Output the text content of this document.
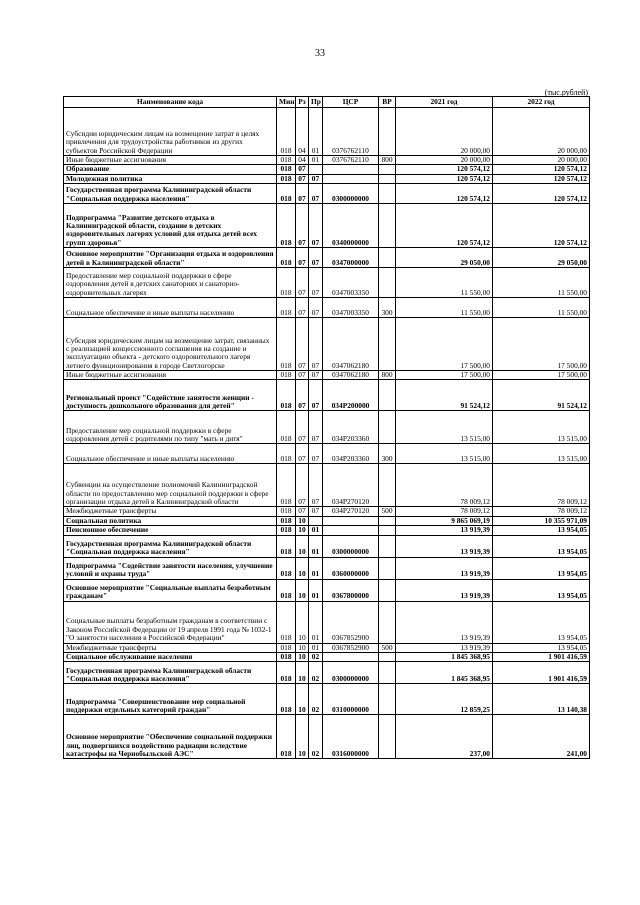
33
(тыс.рублей)
Наименование кода	Мин	Рз	Пр	ЦСР	ВР	2021 год	2022 год
Субсидии юридическим лицам на возмещение затрат в целях привлечения для трудоустройства работников из других субъектов Российской Федерации	018	04	01	0376762110		20 000,00	20 000,00
Иные бюджетные ассигнования	018	04	01	0376762110	800	20 000,00	20 000,00
Образование	018	07				120 574,12	120 574,12
Молодежная политика	018	07	07			120 574,12	120 574,12
Государственная программа Калининградской области "Социальная поддержка населения"	018	07	07	0300000000		120 574,12	120 574,12
Подпрограмма "Развитие детского отдыха в Калининградской области, создание в детских оздоровительных лагерях условий для отдыха детей всех групп здоровья"	018	07	07	0340000000		120 574,12	120 574,12
Основное мероприятие "Организация отдыха и оздоровления детей в Калининградской области"	018	07	07	0347000000		29 050,00	29 050,00
Предоставление мер социальной поддержки в сфере оздоровления детей в детских санаториях и санаторно-оздоровительных лагерях	018	07	07	0347003350		11 550,00	11 550,00
Социальное обеспечение и иные выплаты населению	018	07	07	0347003350	300	11 550,00	11 550,00
Субсидия юридическим лицам на возмещение затрат, связанных с реализацией концессионного соглашения на создание и эксплуатацию объекта - детского оздоровительного лагеря летнего функционирования в городе Светлогорске	018	07	07	0347062180		17 500,00	17 500,00
Иные бюджетные ассигнования	018	07	07	0347062180	800	17 500,00	17 500,00
Региональный проект "Содействие занятости женщин - доступность дошкольного образования для детей"	018	07	07	034P200000		91 524,12	91 524,12
Предоставление мер социальной поддержки в сфере оздоровления детей с родителями по типу "мать и дитя"	018	07	07	034P203360		13 515,00	13 515,00
Социальное обеспечение и иные выплаты населению	018	07	07	034P203360	300	13 515,00	13 515,00
Субвенции на осуществление полномочий Калининградской области по предоставлению мер социальной поддержки в сфере организации отдыха детей в Калининградской области	018	07	07	034P270120		78 009,12	78 009,12
Межбюджетные трансферты	018	07	07	034P270120	500	78 009,12	78 009,12
Социальная политика	018	10				9 865 069,19	10 355 971,09
Пенсионное обеспечение	018	10	01			13 919,39	13 954,05
Государственная программа Калининградской области "Социальная поддержка населения"	018	10	01	0300000000		13 919,39	13 954,05
Подпрограмма "Содействие занятости населения, улучшение условий и охраны труда"	018	10	01	0360000000		13 919,39	13 954,05
Основное мероприятие "Социальные выплаты безработным гражданам"	018	10	01	0367800000		13 919,39	13 954,05
Социальные выплаты безработным гражданам в соответствии с Законом Российской Федерации от 19 апреля 1991 года № 1032-1 "О занятости населения в Российской Федерации"	018	10	01	0367852900		13 919,39	13 954,05
Межбюджетные трансферты	018	10	01	0367852900	500	13 919,39	13 954,05
Социальное обслуживание населения	018	10	02			1 845 368,95	1 901 416,59
Государственная программа Калининградской области "Социальная поддержка населения"	018	10	02	0300000000		1 845 368,95	1 901 416,59
Подпрограмма "Совершенствование мер социальной поддержки отдельных категорий граждан"	018	10	02	0310000000		12 859,25	13 140,38
Основное мероприятие "Обеспечение социальной поддержки лиц, подвергшихся воздействию радиации вследствие катастрофы на Чернобыльской АЭС"	018	10	02	0316000000		237,00	241,00
